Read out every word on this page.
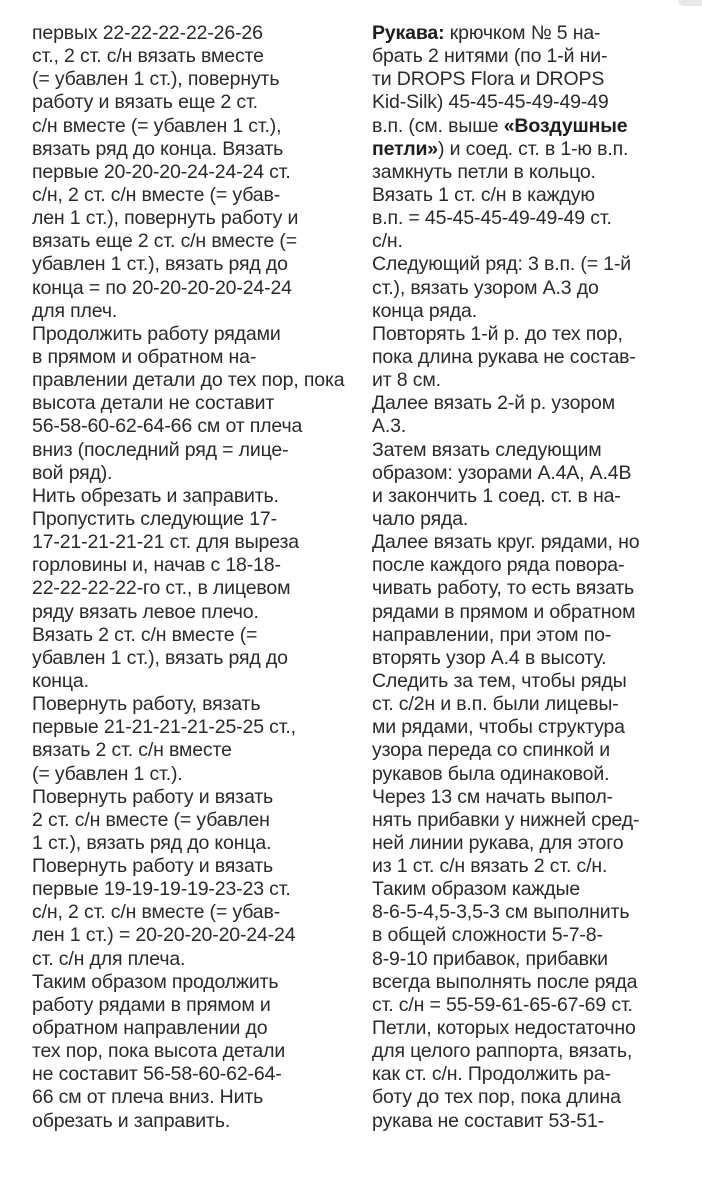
первых 22-22-22-22-26-26
ст., 2 ст. с/н вязать вместе
(= убавлен 1 ст.), повернуть
работу и вязать еще 2 ст.
с/н вместе (= убавлен 1 ст.),
вязать ряд до конца. Вязать
первые 20-20-20-24-24-24 ст.
с/н, 2 ст. с/н вместе (= убав-
лен 1 ст.), повернуть работу и
вязать еще 2 ст. с/н вместе (=
убавлен 1 ст.), вязать ряд до
конца = по 20-20-20-20-24-24
для плеч.
Продолжить работу рядами
в прямом и обратном на-
правлении детали до тех пор, пока
высота детали не составит
56-58-60-62-64-66 см от плеча
вниз (последний ряд = лице-
вой ряд).
Нить обрезать и заправить.
Пропустить следующие 17-
17-21-21-21-21 ст. для выреза
горловины и, начав с 18-18-
22-22-22-22-го ст., в лицевом
ряду вязать левое плечо.
Вязать 2 ст. с/н вместе (=
убавлен 1 ст.), вязать ряд до
конца.
Повернуть работу, вязать
первые 21-21-21-21-25-25 ст.,
вязать 2 ст. с/н вместе
(= убавлен 1 ст.).
Повернуть работу и вязать
2 ст. с/н вместе (= убавлен
1 ст.), вязать ряд до конца.
Повернуть работу и вязать
первые 19-19-19-19-23-23 ст.
с/н, 2 ст. с/н вместе (= убав-
лен 1 ст.) = 20-20-20-20-24-24
ст. с/н для плеча.
Таким образом продолжить
работу рядами в прямом и
обратном направлении до
тех пор, пока высота детали
не составит 56-58-60-62-64-
66 см от плеча вниз. Нить
обрезать и заправить.
Рукава: крючком № 5 на-
брать 2 нитями (по 1-й ни-
ти DROPS Flora и DROPS
Kid-Silk) 45-45-45-49-49-49
в.п. (см. выше «Воздушные
петли») и соед. ст. в 1-ю в.п.
замкнуть петли в кольцо.
Вязать 1 ст. с/н в каждую
в.п. = 45-45-45-49-49-49 ст.
с/н.
Следующий ряд: 3 в.п. (= 1-й
ст.), вязать узором А.3 до
конца ряда.
Повторять 1-й р. до тех пор,
пока длина рукава не состав-
ит 8 см.
Далее вязать 2-й р. узором
А.3.
Затем вязать следующим
образом: узорами А.4А, А.4В
и закончить 1 соед. ст. в на-
чало ряда.
Далее вязать круг. рядами, но
после каждого ряда повора-
чивать работу, то есть вязать
рядами в прямом и обратном
направлении, при этом по-
вторять узор А.4 в высоту.
Следить за тем, чтобы ряды
ст. с/2н и в.п. были лицевы-
ми рядами, чтобы структура
узора переда со спинкой и
рукавов была одинаковой.
Через 13 см начать выпол-
нять прибавки у нижней сред-
ней линии рукава, для этого
из 1 ст. с/н вязать 2 ст. с/н.
Таким образом каждые
8-6-5-4,5-3,5-3 см выполнить
в общей сложности 5-7-8-
8-9-10 прибавок, прибавки
всегда выполнять после ряда
ст. с/н = 55-59-61-65-67-69 ст.
Петли, которых недостаточно
для целого раппорта, вязать,
как ст. с/н. Продолжить ра-
боту до тех пор, пока длина
рукава не составит 53-51-
